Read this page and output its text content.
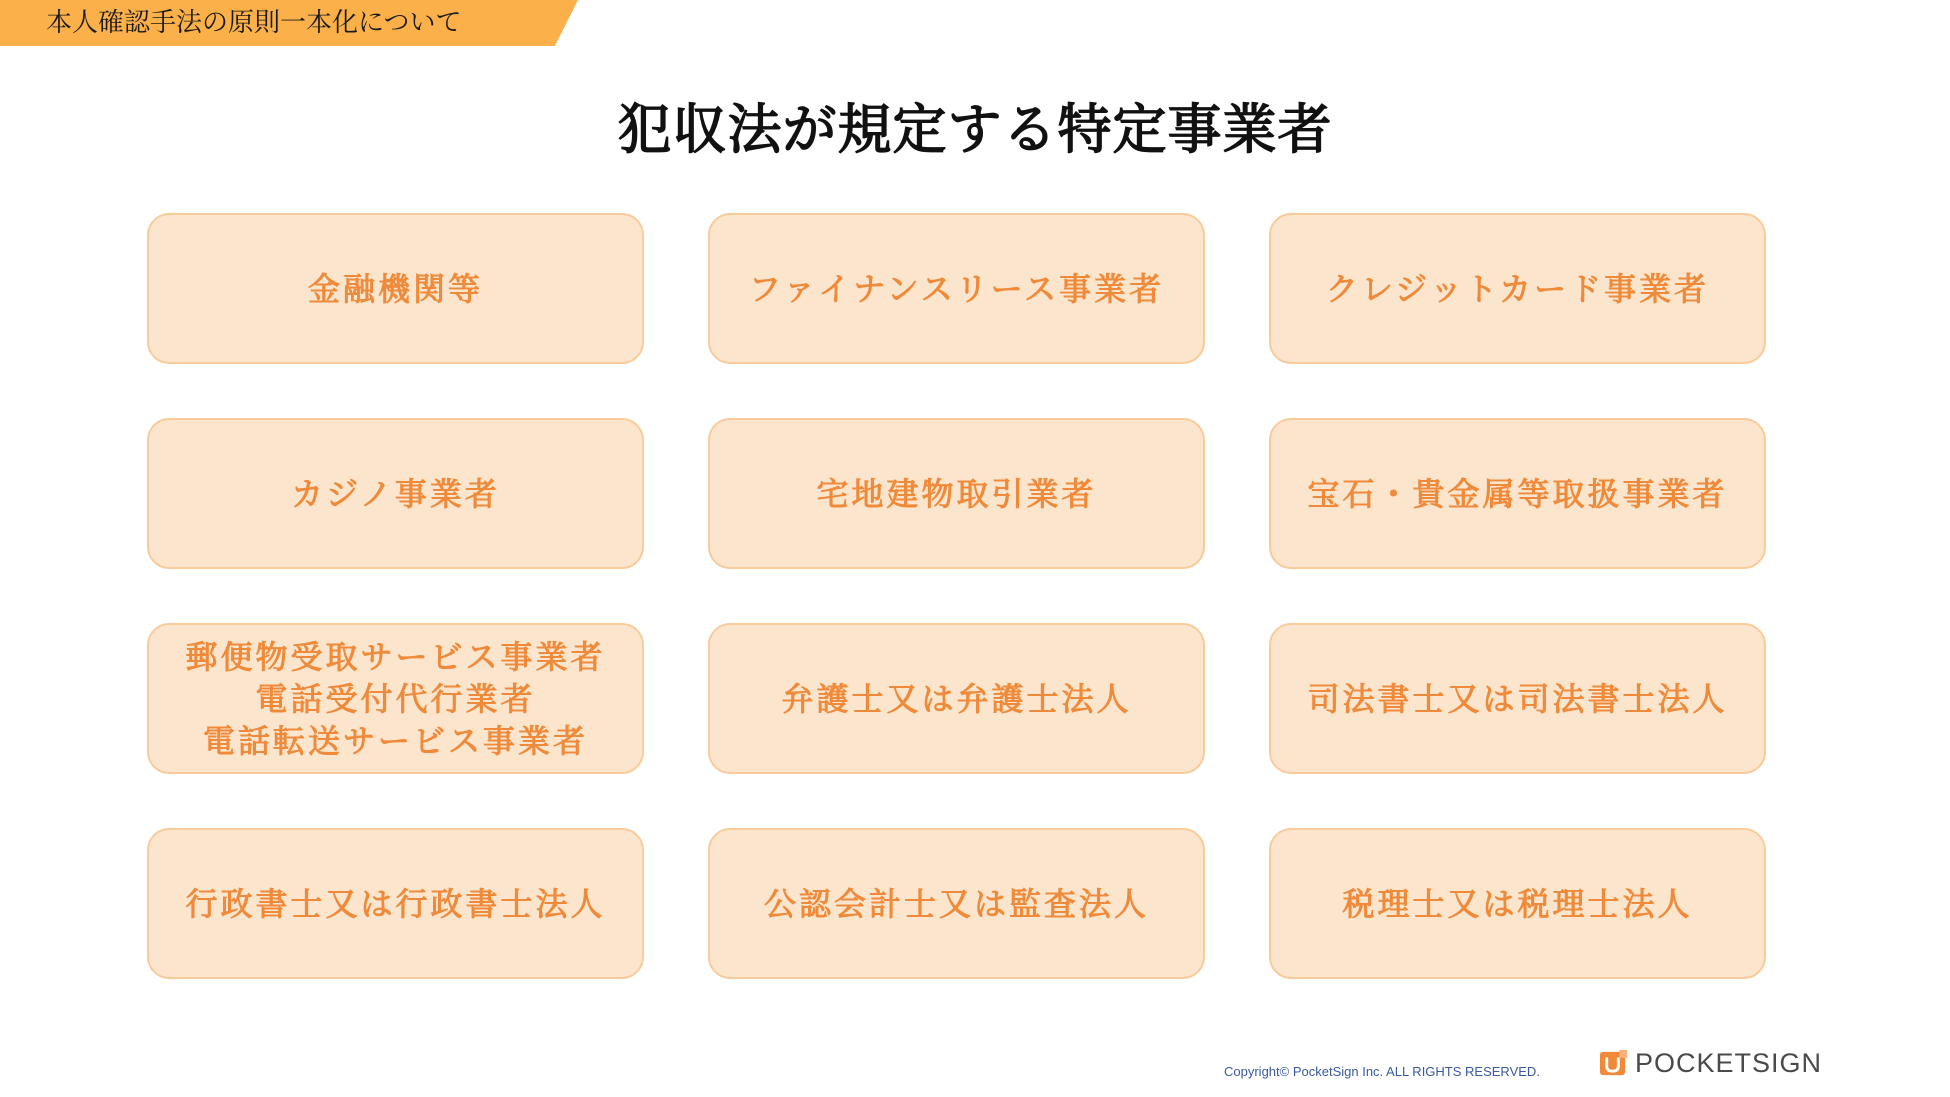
本人確認手法の原則一本化について
犯収法が規定する特定事業者
金融機関等	ファイナンスリース事業者	クレジットカード事業者
カジノ事業者	宅地建物取引業者	宝石・貴金属等取扱事業者
郵便物受取サービス事業者
電話受付代行業者
電話転送サービス事業者
弁護士又は弁護士法人	司法書士又は司法書士法人
行政書士又は行政書士法人	公認会計士又は監査法人	税理士又は税理士法人
Copyright© PocketSign Inc. ALL RIGHTS RESERVED.	POCKETSIGN
